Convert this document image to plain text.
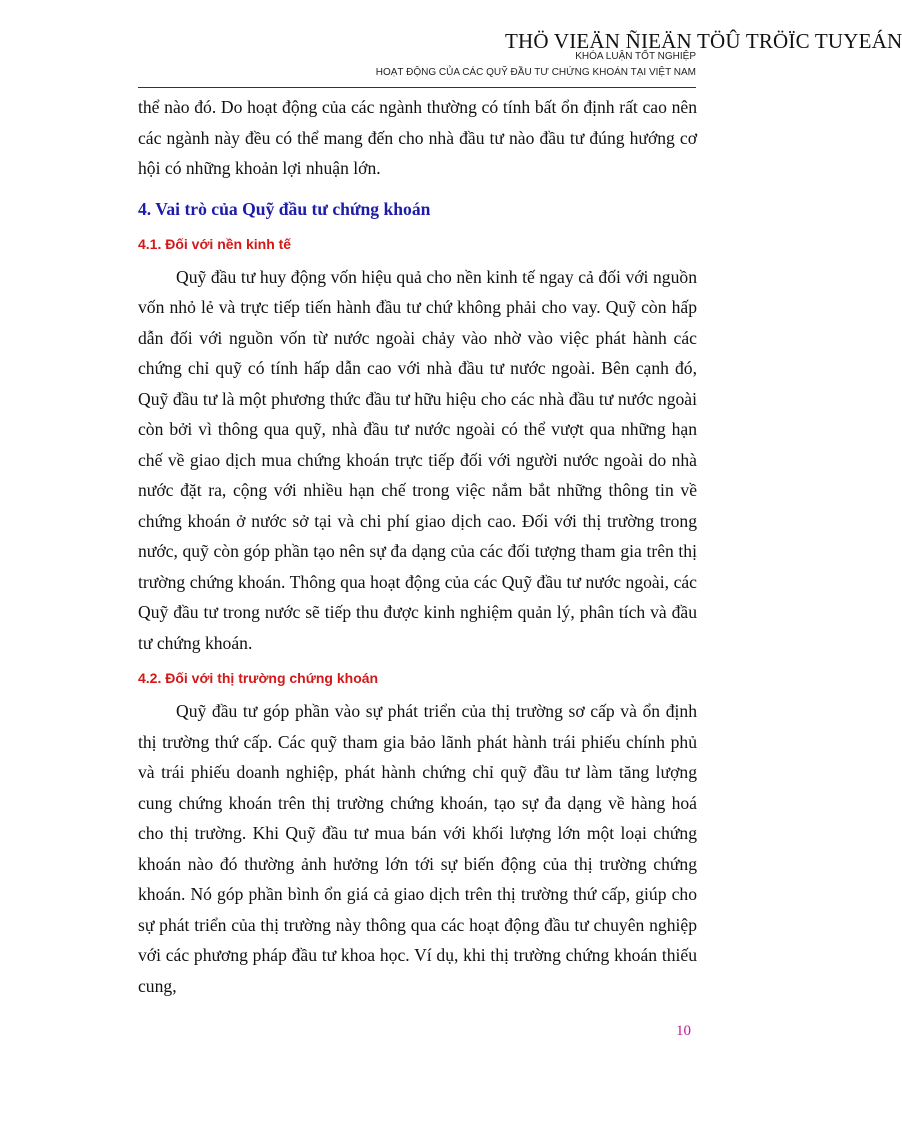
THÖ VIEÄN ÑIEÄN TÖÛ TRÖÏC TUYEÁN
KHÓA LUẬN TỐT NGHIỆP
HOẠT ĐỘNG CỦA CÁC QUỸ ĐẦU TƯ CHỨNG KHOÁN TẠI VIỆT NAM

thể nào đó. Do hoạt động của các ngành thường có tính bất ổn định rất cao nên các ngành này đều có thể mang đến cho nhà đầu tư nào đầu tư đúng hướng cơ hội có những khoản lợi nhuận lớn.

4. Vai trò của Quỹ đầu tư chứng khoán
4.1. Đối với nền kinh tế

Quỹ đầu tư huy động vốn hiệu quả cho nền kinh tế ngay cả đối với nguồn vốn nhỏ lẻ và trực tiếp tiến hành đầu tư chứ không phải cho vay. Quỹ còn hấp dẫn đối với nguồn vốn từ nước ngoài chảy vào nhờ vào việc phát hành các chứng chỉ quỹ có tính hấp dẫn cao với nhà đầu tư nước ngoài. Bên cạnh đó, Quỹ đầu tư là một phương thức đầu tư hữu hiệu cho các nhà đầu tư nước ngoài còn bởi vì thông qua quỹ, nhà đầu tư nước ngoài có thể vượt qua những hạn chế về giao dịch mua chứng khoán trực tiếp đối với người nước ngoài do nhà nước đặt ra, cộng với nhiều hạn chế trong việc nắm bắt những thông tin về chứng khoán ở nước sở tại và chi phí giao dịch cao. Đối với thị trường trong nước, quỹ còn góp phần tạo nên sự đa dạng của các đối tượng tham gia trên thị trường chứng khoán. Thông qua hoạt động của các Quỹ đầu tư nước ngoài, các Quỹ đầu tư trong nước sẽ tiếp thu được kinh nghiệm quản lý, phân tích và đầu tư chứng khoán.

4.2. Đối với thị trường chứng khoán

Quỹ đầu tư góp phần vào sự phát triển của thị trường sơ cấp và ổn định thị trường thứ cấp. Các quỹ tham gia bảo lãnh phát hành trái phiếu chính phủ và trái phiếu doanh nghiệp, phát hành chứng chỉ quỹ đầu tư làm tăng lượng cung chứng khoán trên thị trường chứng khoán, tạo sự đa dạng về hàng hoá cho thị trường. Khi Quỹ đầu tư mua bán với khối lượng lớn một loại chứng khoán nào đó thường ảnh hưởng lớn tới sự biến động của thị trường chứng khoán. Nó góp phần bình ổn giá cả giao dịch trên thị trường thứ cấp, giúp cho sự phát triển của thị trường này thông qua các hoạt động đầu tư chuyên nghiệp với các phương pháp đầu tư khoa học. Ví dụ, khi thị trường chứng khoán thiếu cung,

10
